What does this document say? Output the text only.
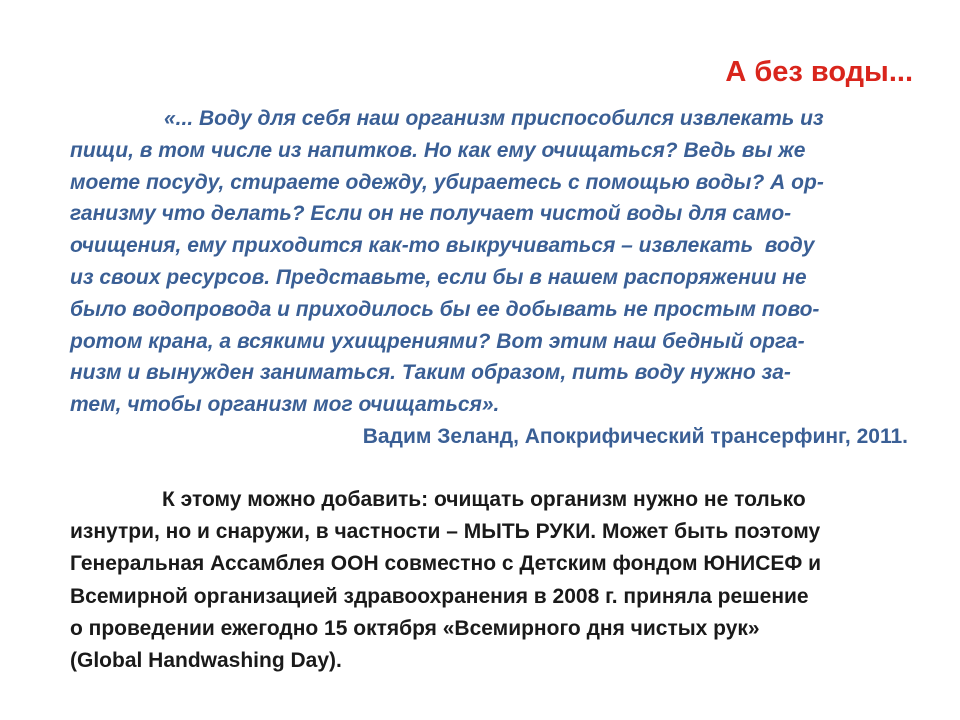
А без воды...
«... Воду для себя наш организм приспособился извлекать из
пищи, в том числе из напитков. Но как ему очищаться? Ведь вы же
моете посуду, стираете одежду, убираетесь с помощью воды? А ор-
ганизму что делать? Если он не получает чистой воды для само-
очищения, ему приходится как-то выкручиваться – извлекать  воду
из своих ресурсов. Представьте, если бы в нашем распоряжении не
было водопровода и приходилось бы ее добывать не простым пово-
ротом крана, а всякими ухищрениями? Вот этим наш бедный орга-
низм и вынужден заниматься. Таким образом, пить воду нужно за-
тем, чтобы организм мог очищаться».
Вадим Зеланд, Апокрифический трансерфинг, 2011.
К этому можно добавить: очищать организм нужно не только
изнутри, но и снаружи, в частности – МЫТЬ РУКИ. Может быть поэтому
Генеральная Ассамблея ООН совместно с Детским фондом ЮНИСЕФ и
Всемирной организацией здравоохранения в 2008 г. приняла решение
о проведении ежегодно 15 октября «Всемирного дня чистых рук»
(Global Handwashing Day).
